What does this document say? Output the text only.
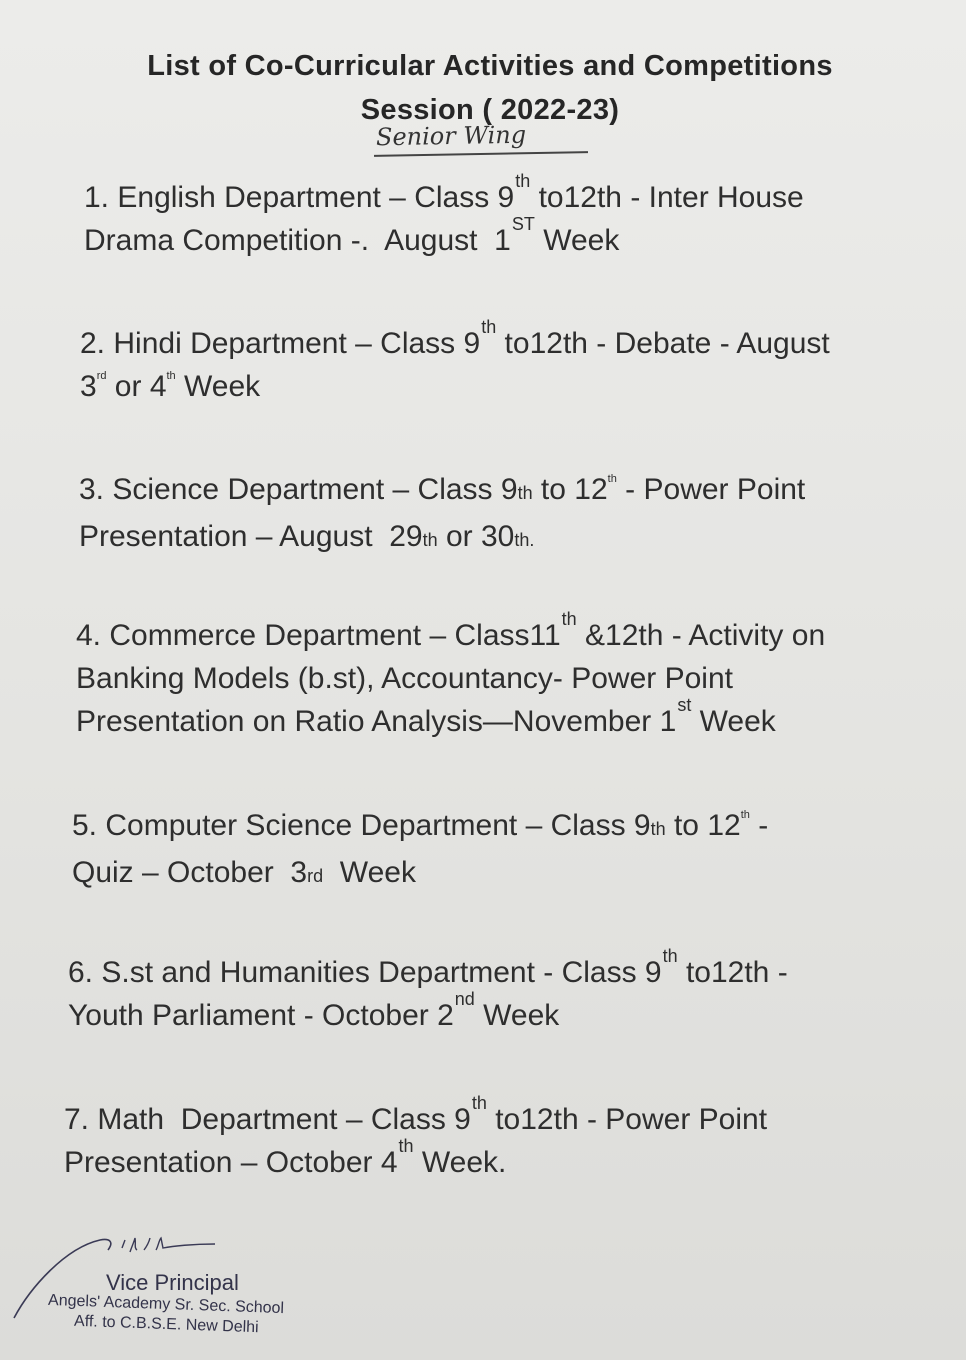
List of Co-Curricular Activities and Competitions
Session ( 2022-23)
Senior Wing

1. English Department – Class 9th to12th - Inter House

Drama Competition -.  August  1ST Week

2. Hindi Department – Class 9th to12th - Debate - August

3rd or 4th Week

3. Science Department – Class 9th to 12th - Power Point

Presentation – August  29th or 30th.

4. Commerce Department – Class11th &12th - Activity on

Banking Models (b.st), Accountancy- Power Point

Presentation on Ratio Analysis—November 1st Week

5. Computer Science Department – Class 9th to 12th -

Quiz – October  3rd  Week

6. S.st and Humanities Department - Class 9th to12th -

Youth Parliament - October 2nd Week

7. Math  Department – Class 9th to12th - Power Point

Presentation – October 4th Week.

Vice Principal
Angels' Academy Sr. Sec. School
Aff. to C.B.S.E. New Delhi
